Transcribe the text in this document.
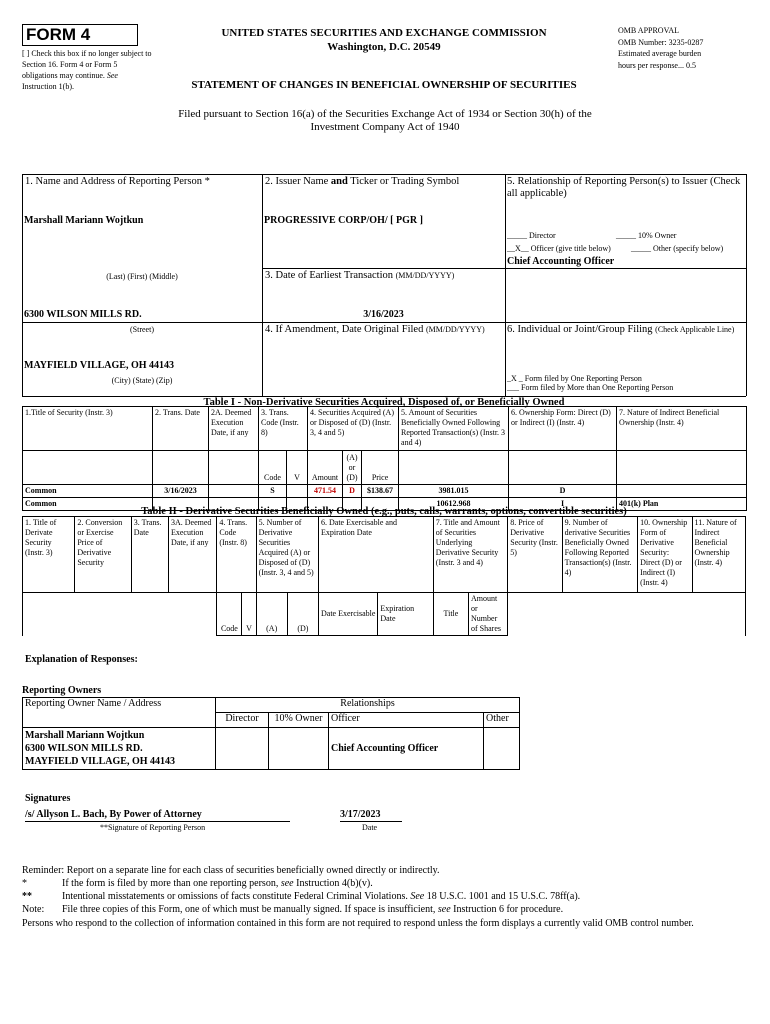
FORM 4
[ ] Check this box if no longer subject to Section 16. Form 4 or Form 5 obligations may continue. See Instruction 1(b).
UNITED STATES SECURITIES AND EXCHANGE COMMISSION
Washington, D.C. 20549
OMB APPROVAL
OMB Number: 3235-0287
Estimated average burden
hours per response... 0.5
STATEMENT OF CHANGES IN BENEFICIAL OWNERSHIP OF SECURITIES
Filed pursuant to Section 16(a) of the Securities Exchange Act of 1934 or Section 30(h) of the
Investment Company Act of 1940
1. Name and Address of Reporting Person *
Marshall Mariann Wojtkun
(Last) (First) (Middle)
6300 WILSON MILLS RD.
(Street)
MAYFIELD VILLAGE, OH 44143
(City) (State) (Zip)
2. Issuer Name and Ticker or Trading Symbol
PROGRESSIVE CORP/OH/ [ PGR ]
3. Date of Earliest Transaction (MM/DD/YYYY)
3/16/2023
4. If Amendment, Date Original Filed (MM/DD/YYYY)
5. Relationship of Reporting Person(s) to Issuer (Check all applicable)
_____ Director	_____ 10% Owner
__X__ Officer (give title below)	_____ Other (specify below)
Chief Accounting Officer
6. Individual or Joint/Group Filing (Check Applicable Line)
_X _ Form filed by One Reporting Person
___ Form filed by More than One Reporting Person
Table I - Non-Derivative Securities Acquired, Disposed of, or Beneficially Owned
1.Title of Security (Instr. 3)	2. Trans. Date	2A. Deemed Execution Date, if any	3. Trans. Code (Instr. 8)		4. Securities Acquired (A) or Disposed of (D) (Instr. 3, 4 and 5)			5. Amount of Securities Beneficially Owned Following Reported Transaction(s) (Instr. 3 and 4)	6. Ownership Form: Direct (D) or Indirect (I) (Instr. 4)	7. Nature of Indirect Beneficial Ownership (Instr. 4)
			Code	V	Amount	(A) or (D)	Price			
Common	3/16/2023		S		471.54	D	$138.67	3981.015	D	
Common								10612.968	I	401(k) Plan
Table II - Derivative Securities Beneficially Owned (e.g., puts, calls, warrants, options, convertible securities)
1. Title of Derivate Security (Instr. 3)	2. Conversion or Exercise Price of Derivative Security	3. Trans. Date	3A. Deemed Execution Date, if any	4. Trans. Code (Instr. 8)		5. Number of Derivative Securities Acquired (A) or Disposed of (D) (Instr. 3, 4 and 5)		6. Date Exercisable and Expiration Date		7. Title and Amount of Securities Underlying Derivative Security (Instr. 3 and 4)		8. Price of Derivative Security (Instr. 5)	9. Number of derivative Securities Beneficially Owned Following Reported Transaction(s) (Instr. 4)	10. Ownership Form of Derivative Security: Direct (D) or Indirect (I) (Instr. 4)	11. Nature of Indirect Beneficial Ownership (Instr. 4)
				Code	V	(A)	(D)	Date Exercisable	Expiration Date	Title	Amount or Number of Shares				
Explanation of Responses:
Reporting Owners
Reporting Owner Name / Address	Relationships			
	Director	10% Owner	Officer	Other

Marshall Mariann Wojtkun
6300 WILSON MILLS RD.
MAYFIELD VILLAGE, OH 44143			Chief Accounting Officer	
Signatures
/s/ Allyson L. Bach, By Power of Attorney	3/17/2023
**Signature of Reporting Person	Date
Reminder: Report on a separate line for each class of securities beneficially owned directly or indirectly.
*	If the form is filed by more than one reporting person, see Instruction 4(b)(v).
**	Intentional misstatements or omissions of facts constitute Federal Criminal Violations. See 18 U.S.C. 1001 and 15 U.S.C. 78ff(a).
Note: File three copies of this Form, one of which must be manually signed. If space is insufficient, see Instruction 6 for procedure.
Persons who respond to the collection of information contained in this form are not required to respond unless the form displays a currently valid OMB control number.
